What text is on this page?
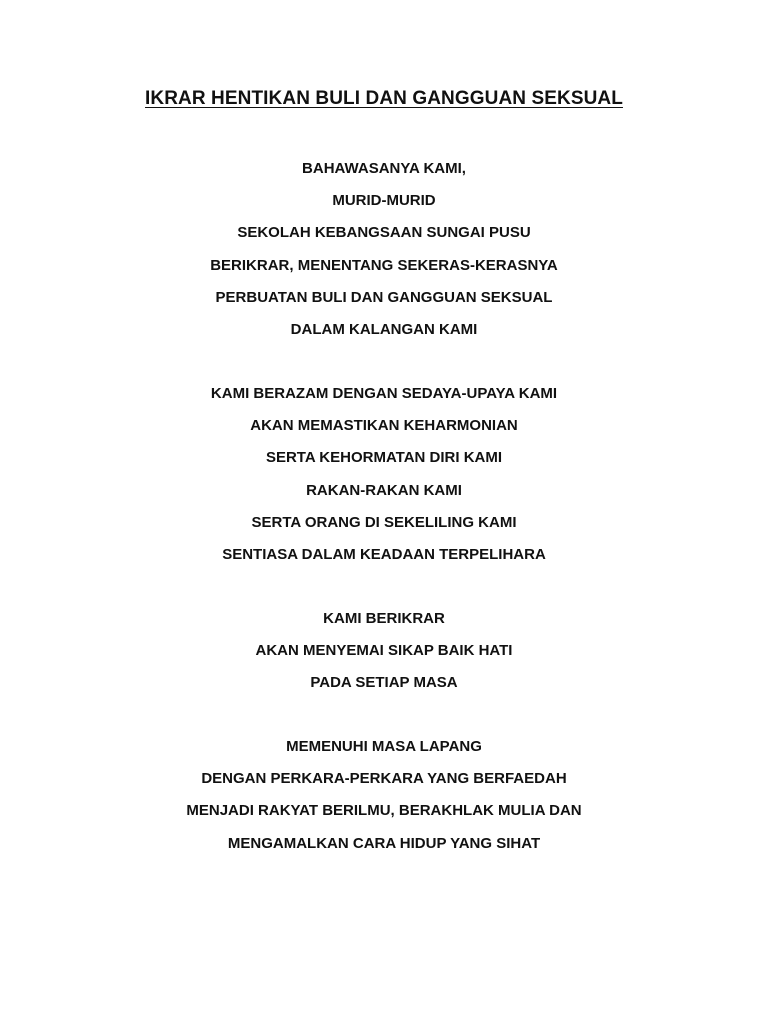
IKRAR HENTIKAN BULI DAN GANGGUAN SEKSUAL
BAHAWASANYA KAMI,
MURID-MURID
SEKOLAH KEBANGSAAN SUNGAI PUSU
BERIKRAR, MENENTANG SEKERAS-KERASNYA
PERBUATAN BULI DAN GANGGUAN SEKSUAL
DALAM KALANGAN KAMI
KAMI BERAZAM DENGAN SEDAYA-UPAYA KAMI
AKAN MEMASTIKAN KEHARMONIAN
SERTA KEHORMATAN DIRI KAMI
RAKAN-RAKAN KAMI
SERTA ORANG DI SEKELILING KAMI
SENTIASA DALAM KEADAAN TERPELIHARA
KAMI BERIKRAR
AKAN MENYEMAI SIKAP BAIK HATI
PADA SETIAP MASA
MEMENUHI MASA LAPANG
DENGAN PERKARA-PERKARA YANG BERFAEDAH
MENJADI RAKYAT BERILMU, BERAKHLAK MULIA DAN
MENGAMALKAN CARA HIDUP YANG SIHAT
